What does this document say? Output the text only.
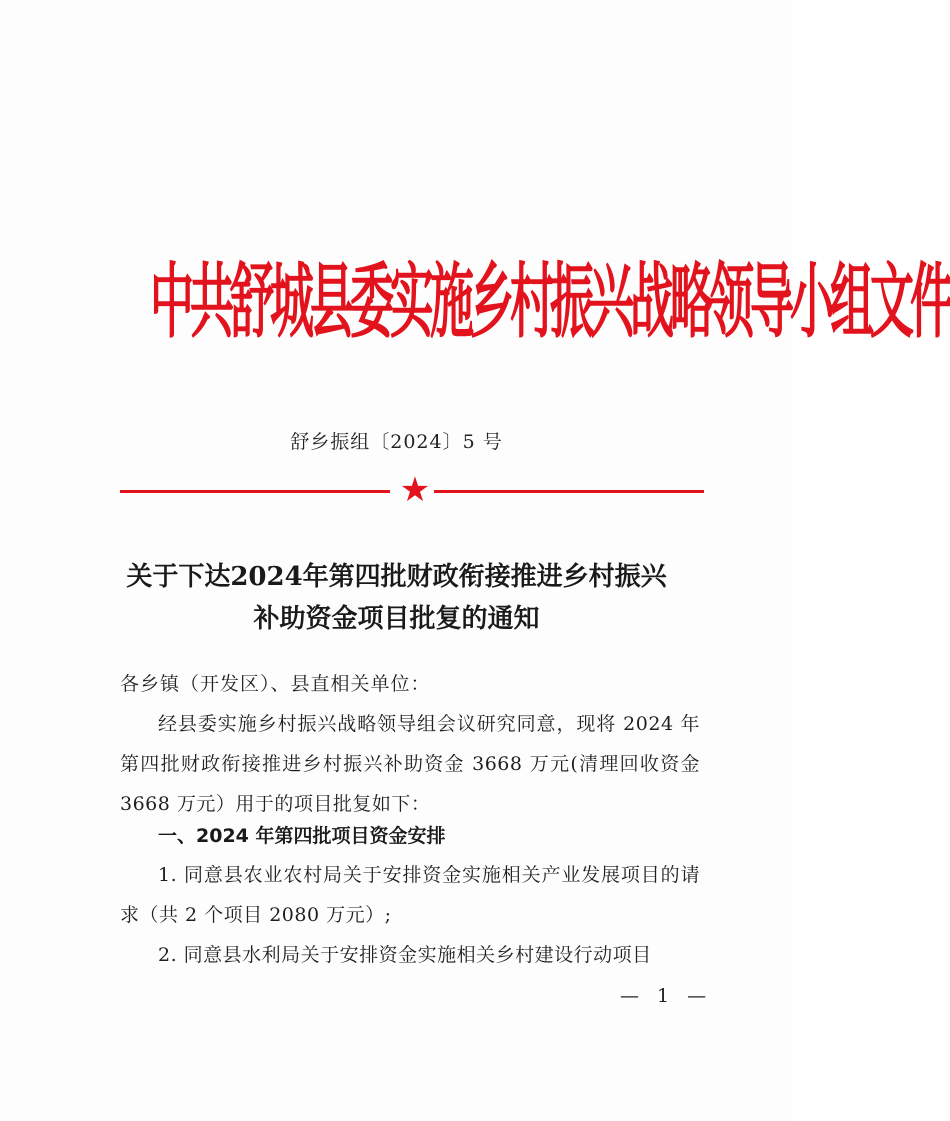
中共舒城县委实施乡村振兴战略领导小组文件
舒乡振组〔2024〕5 号
★
关于下达2024年第四批财政衔接推进乡村振兴
补助资金项目批复的通知
各乡镇（开发区）、县直相关单位：
经县委实施乡村振兴战略领导组会议研究同意，现将 2024 年第四批财政衔接推进乡村振兴补助资金 3668 万元(清理回收资金 3668 万元）用于的项目批复如下：
一、2024 年第四批项目资金安排
1. 同意县农业农村局关于安排资金实施相关产业发展项目的请求（共 2 个项目 2080 万元）;
2. 同意县水利局关于安排资金实施相关乡村建设行动项目
— 1 —
